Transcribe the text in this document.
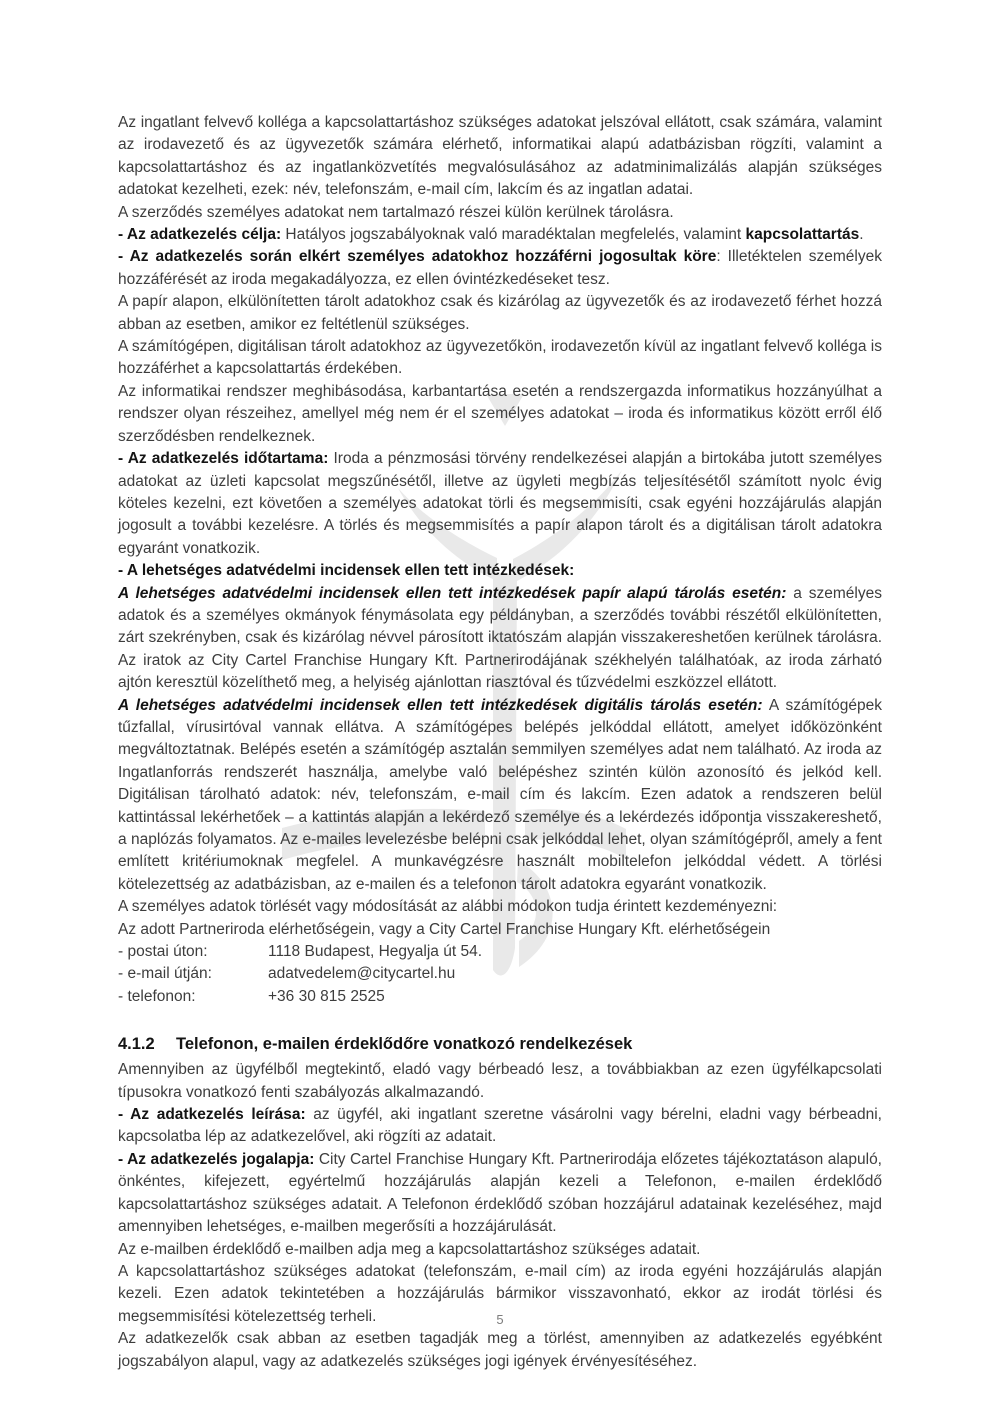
Az ingatlant felvevő kolléga a kapcsolattartáshoz szükséges adatokat jelszóval ellátott, csak számára, valamint az irodavezető és az ügyvezetők számára elérhető, informatikai alapú adatbázisban rögzíti, valamint a kapcsolattartáshoz és az ingatlanközvetítés megvalósulásához az adatminimalizálás alapján szükséges adatokat kezelheti, ezek: név, telefonszám, e-mail cím, lakcím és az ingatlan adatai.

A szerződés személyes adatokat nem tartalmazó részei külön kerülnek tárolásra.

- Az adatkezelés célja: Hatályos jogszabályoknak való maradéktalan megfelelés, valamint kapcsolattartás.

- Az adatkezelés során elkért személyes adatokhoz hozzáférni jogosultak köre: Illetéktelen személyek hozzáférését az iroda megakadályozza, ez ellen óvintézkedéseket tesz.

A papír alapon, elkülönítetten tárolt adatokhoz csak és kizárólag az ügyvezetők és az irodavezető férhet hozzá abban az esetben, amikor ez feltétlenül szükséges.

A számítógépen, digitálisan tárolt adatokhoz az ügyvezetőkön, irodavezetőn kívül az ingatlant felvevő kolléga is hozzáférhet a kapcsolattartás érdekében.

Az informatikai rendszer meghibásodása, karbantartása esetén a rendszergazda informatikus hozzányúlhat a rendszer olyan részeihez, amellyel még nem ér el személyes adatokat – iroda és informatikus között erről élő szerződésben rendelkeznek.

- Az adatkezelés időtartama: Iroda a pénzmosási törvény rendelkezései alapján a birtokába jutott személyes adatokat az üzleti kapcsolat megszűnésétől, illetve az ügyleti megbízás teljesítésétől számított nyolc évig köteles kezelni, ezt követően a személyes adatokat törli és megsemmisíti, csak egyéni hozzájárulás alapján jogosult a további kezelésre. A törlés és megsemmisítés a papír alapon tárolt és a digitálisan tárolt adatokra egyaránt vonatkozik.

- A lehetséges adatvédelmi incidensek ellen tett intézkedések:

A lehetséges adatvédelmi incidensek ellen tett intézkedések papír alapú tárolás esetén: a személyes adatok és a személyes okmányok fénymásolata egy példányban, a szerződés további részétől elkülönítetten, zárt szekrényben, csak és kizárólag névvel párosított iktatószám alapján visszakereshetően kerülnek tárolásra. Az iratok az City Cartel Franchise Hungary Kft. Partnerirodájának székhelyén találhatóak, az iroda zárható ajtón keresztül közelíthető meg, a helyiség ajánlottan riasztóval és tűzvédelmi eszközzel ellátott.

A lehetséges adatvédelmi incidensek ellen tett intézkedések digitális tárolás esetén: A számítógépek tűzfallal, vírusirtóval vannak ellátva. A számítógépes belépés jelkóddal ellátott, amelyet időközönként megváltoztatnak. Belépés esetén a számítógép asztalán semmilyen személyes adat nem található. Az iroda az Ingatlanforrás rendszerét használja, amelybe való belépéshez szintén külön azonosító és jelkód kell. Digitálisan tárolható adatok: név, telefonszám, e-mail cím és lakcím. Ezen adatok a rendszeren belül kattintással lekérhetőek – a kattintás alapján a lekérdező személye és a lekérdezés időpontja visszakereshető, a naplózás folyamatos. Az e-mailes levelezésbe belépni csak jelkóddal lehet, olyan számítógépről, amely a fent említett kritériumoknak megfelel. A munkavégzésre használt mobiltelefon jelkóddal védett. A törlési kötelezettség az adatbázisban, az e-mailen és a telefonon tárolt adatokra egyaránt vonatkozik.

A személyes adatok törlését vagy módosítását az alábbi módokon tudja érintett kezdeményezni:

Az adott Partneriroda elérhetőségein, vagy a City Cartel Franchise Hungary Kft. elérhetőségein

- postai úton:	1118 Budapest, Hegyalja út 54.
- e-mail útján:	adatvedelem@citycartel.hu
- telefonon:	+36 30 815 2525
4.1.2	Telefonon, e-mailen érdeklődőre vonatkozó rendelkezések

Amennyiben az ügyfélből megtekintő, eladó vagy bérbeadó lesz, a továbbiakban az ezen ügyfélkapcsolati típusokra vonatkozó fenti szabályozás alkalmazandó.

- Az adatkezelés leírása: az ügyfél, aki ingatlant szeretne vásárolni vagy bérelni, eladni vagy bérbeadni, kapcsolatba lép az adatkezelővel, aki rögzíti az adatait.

- Az adatkezelés jogalapja: City Cartel Franchise Hungary Kft. Partnerirodája előzetes tájékoztatáson alapuló, önkéntes, kifejezett, egyértelmű hozzájárulás alapján kezeli a Telefonon, e-mailen érdeklődő kapcsolattartáshoz szükséges adatait. A Telefonon érdeklődő szóban hozzájárul adatainak kezeléséhez, majd amennyiben lehetséges, e-mailben megerősíti a hozzájárulását.

Az e-mailben érdeklődő e-mailben adja meg a kapcsolattartáshoz szükséges adatait.

A kapcsolattartáshoz szükséges adatokat (telefonszám, e-mail cím) az iroda egyéni hozzájárulás alapján kezeli. Ezen adatok tekintetében a hozzájárulás bármikor visszavonható, ekkor az irodát törlési és megsemmisítési kötelezettség terheli.

Az adatkezelők csak abban az esetben tagadják meg a törlést, amennyiben az adatkezelés egyébként jogszabályon alapul, vagy az adatkezelés szükséges jogi igények érvényesítéséhez.

5
